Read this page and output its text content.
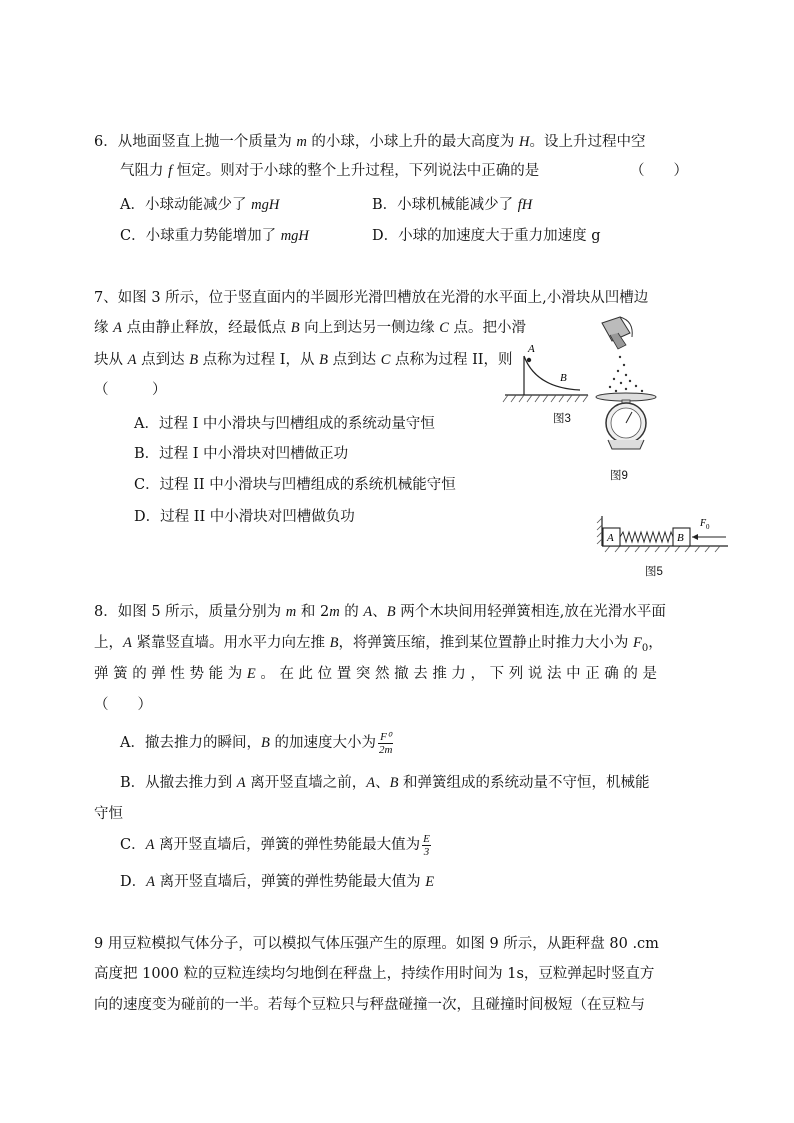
6．从地面竖直上抛一个质量为 m 的小球，小球上升的最大高度为 H。设上升过程中空
气阻力 f 恒定。则对于小球的整个上升过程，下列说法中正确的是	（　　）
A．小球动能减少了 mgH	B．小球机械能减少了 fH
C．小球重力势能增加了 mgH	D．小球的加速度大于重力加速度 g
7、如图 3 所示，位于竖直面内的半圆形光滑凹槽放在光滑的水平面上,小滑块从凹槽边
缘 A 点由静止释放，经最低点 B 向上到达另一侧边缘 C 点。把小滑
块从 A 点到达 B 点称为过程 I，从 B 点到达 C 点称为过程 II，则
（　　　）
A．过程 I 中小滑块与凹槽组成的系统动量守恒
B．过程 I 中小滑块对凹槽做正功
C．过程 II 中小滑块与凹槽组成的系统机械能守恒
D．过程 II 中小滑块对凹槽做负功
A
B
图3
图9
A	B
F 0
图5
8．如图 5 所示，质量分别为 m 和 2m 的 A、B 两个木块间用轻弹簧相连,放在光滑水平面
上，A 紧靠竖直墙。用水平力向左推 B，将弹簧压缩，推到某位置静止时推力大小为 $F_0$，
弹 簧 的 弹 性 势 能 为 E 。 在 此 位 置 突 然 撤 去 推 力 ， 下 列 说 法 中 正 确 的 是
（　　）
A．撤去推力的瞬间，B 的加速度大小为 $\frac{\text{F⁰}}{2m}$
B．从撤去推力到 A 离开竖直墙之前，A、B 和弹簧组成的系统动量不守恒，机械能
守恒
C．A 离开竖直墙后，弹簧的弹性势能最大值为 $\frac{E}{3}$
D．A 离开竖直墙后，弹簧的弹性势能最大值为 E
9 用豆粒模拟气体分子，可以模拟气体压强产生的原理。如图 9 所示，从距秤盘 80 .cm
高度把 1000 粒的豆粒连续均匀地倒在秤盘上，持续作用时间为 1s，豆粒弹起时竖直方
向的速度变为碰前的一半。若每个豆粒只与秤盘碰撞一次，且碰撞时间极短（在豆粒与
